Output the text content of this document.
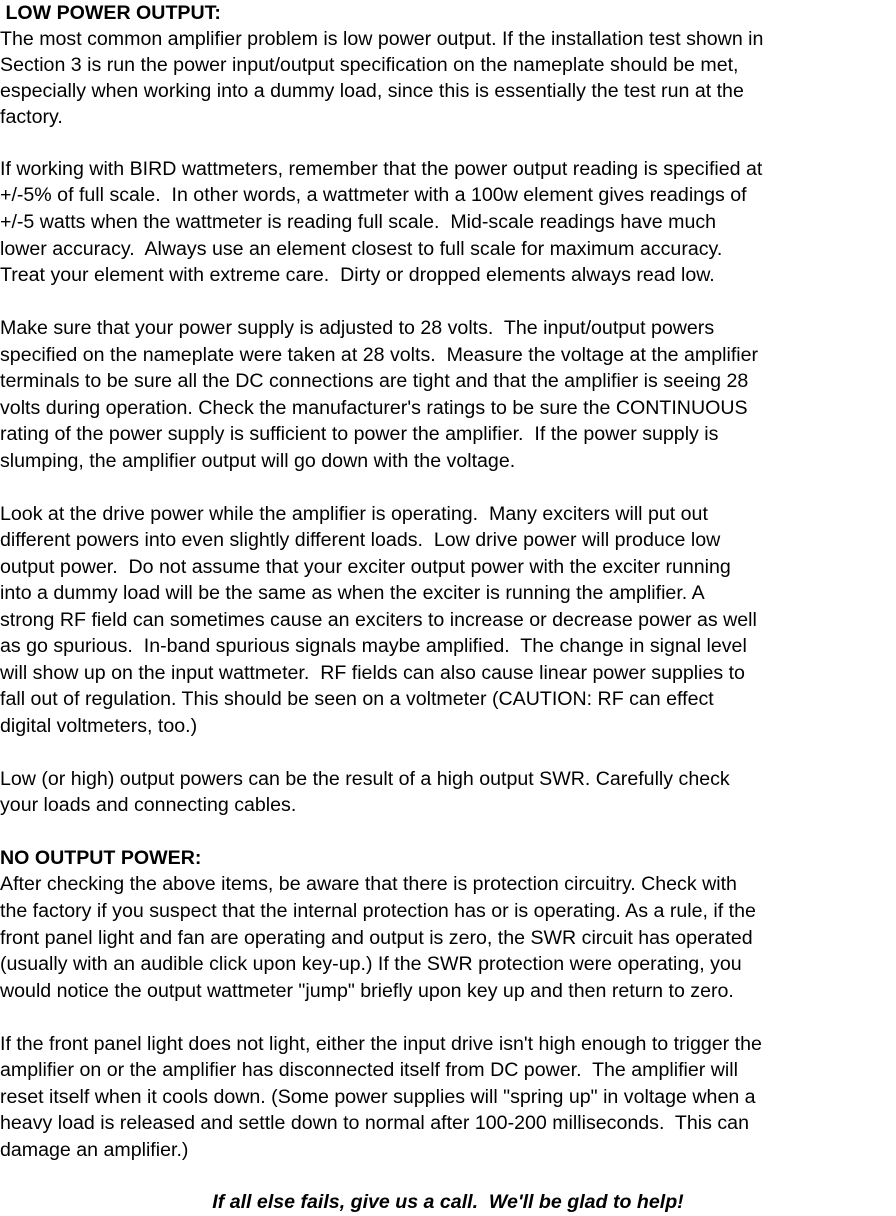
LOW POWER OUTPUT:
The most common amplifier problem is low power output. If the installation test shown in
Section 3 is run the power input/output specification on the nameplate should be met,
especially when working into a dummy load, since this is essentially the test run at the
factory.
If working with BIRD wattmeters, remember that the power output reading is specified at
+/-5% of full scale.  In other words, a wattmeter with a 100w element gives readings of
+/-5 watts when the wattmeter is reading full scale.  Mid-scale readings have much
lower accuracy.  Always use an element closest to full scale for maximum accuracy.
Treat your element with extreme care.  Dirty or dropped elements always read low.
Make sure that your power supply is adjusted to 28 volts.  The input/output powers
specified on the nameplate were taken at 28 volts.  Measure the voltage at the amplifier
terminals to be sure all the DC connections are tight and that the amplifier is seeing 28
volts during operation. Check the manufacturer's ratings to be sure the CONTINUOUS
rating of the power supply is sufficient to power the amplifier.  If the power supply is
slumping, the amplifier output will go down with the voltage.
Look at the drive power while the amplifier is operating.  Many exciters will put out
different powers into even slightly different loads.  Low drive power will produce low
output power.  Do not assume that your exciter output power with the exciter running
into a dummy load will be the same as when the exciter is running the amplifier. A
strong RF field can sometimes cause an exciters to increase or decrease power as well
as go spurious.  In-band spurious signals maybe amplified.  The change in signal level
will show up on the input wattmeter.  RF fields can also cause linear power supplies to
fall out of regulation. This should be seen on a voltmeter (CAUTION: RF can effect
digital voltmeters, too.)
Low (or high) output powers can be the result of a high output SWR. Carefully check
your loads and connecting cables.
NO OUTPUT POWER:
After checking the above items, be aware that there is protection circuitry. Check with
the factory if you suspect that the internal protection has or is operating. As a rule, if the
front panel light and fan are operating and output is zero, the SWR circuit has operated
(usually with an audible click upon key-up.) If the SWR protection were operating, you
would notice the output wattmeter "jump" briefly upon key up and then return to zero.
If the front panel light does not light, either the input drive isn't high enough to trigger the
amplifier on or the amplifier has disconnected itself from DC power.  The amplifier will
reset itself when it cools down. (Some power supplies will "spring up" in voltage when a
heavy load is released and settle down to normal after 100-200 milliseconds.  This can
damage an amplifier.)
If all else fails, give us a call.  We'll be glad to help!
